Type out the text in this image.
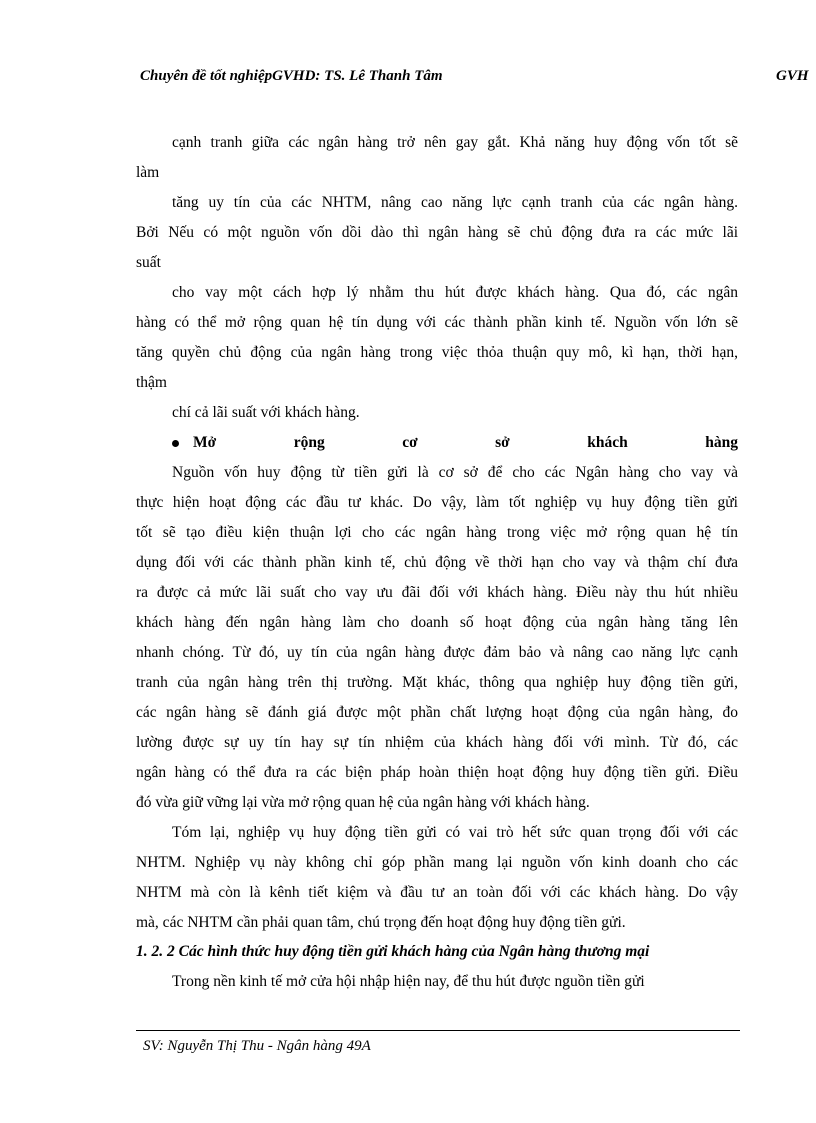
Chuyên đề tốt nghiệpGVHD: TS. Lê Thanh Tâm	GVH
cạnh tranh giữa các ngân hàng trở nên gay gắt. Khả năng huy động vốn tốt sẽ
làm
tăng uy tín của các NHTM, nâng cao năng lực cạnh tranh của các ngân hàng.
Bởi Nếu có một nguồn vốn dồi dào thì ngân hàng sẽ chủ động đưa ra các mức lãi
suất
cho vay một cách hợp lý nhằm thu hút được khách hàng. Qua đó, các ngân
hàng có thể mở rộng quan hệ tín dụng với các thành phần kinh tế. Nguồn vốn lớn sẽ
tăng quyền chủ động của ngân hàng trong việc thỏa thuận quy mô, kì hạn, thời hạn,
thậm
chí cả lãi suất với khách hàng.
Mở	rộng	cơ	sở	khách	hàng
Nguồn vốn huy động từ tiền gửi là cơ sở để cho các Ngân hàng cho vay và
thực hiện hoạt động các đầu tư khác. Do vậy, làm tốt nghiệp vụ huy động tiền gửi
tốt sẽ tạo điều kiện thuận lợi cho các ngân hàng trong việc mở rộng quan hệ tín
dụng đối với các thành phần kinh tế, chủ động về thời hạn cho vay và thậm chí đưa
ra được cả mức lãi suất cho vay ưu đãi đối với khách hàng. Điều này thu hút nhiều
khách hàng đến ngân hàng làm cho doanh số hoạt động của ngân hàng tăng lên
nhanh chóng. Từ đó, uy tín của ngân hàng được đảm bảo và nâng cao năng lực cạnh
tranh của ngân hàng trên thị trường. Mặt khác, thông qua nghiệp huy động tiền gửi,
các ngân hàng sẽ đánh giá được một phần chất lượng hoạt động của ngân hàng, đo
lường được sự uy tín hay sự tín nhiệm của khách hàng đối với mình. Từ đó, các
ngân hàng có thể đưa ra các biện pháp hoàn thiện hoạt động huy động tiền gửi. Điều
đó vừa giữ vững lại vừa mở rộng quan hệ của ngân hàng với khách hàng.
Tóm lại, nghiệp vụ huy động tiền gửi có vai trò hết sức quan trọng đối với các
NHTM. Nghiệp vụ này không chỉ góp phần mang lại nguồn vốn kinh doanh cho các
NHTM mà còn là kênh tiết kiệm và đầu tư an toàn đối với các khách hàng. Do vậy
mà, các NHTM cần phải quan tâm, chú trọng đến hoạt động huy động tiền gửi.
1. 2. 2 Các hình thức huy động tiền gửi khách hàng của Ngân hàng thương mại
Trong nền kinh tế mở cửa hội nhập hiện nay, để thu hút được nguồn tiền gửi
SV: Nguyễn Thị Thu - Ngân hàng 49A
